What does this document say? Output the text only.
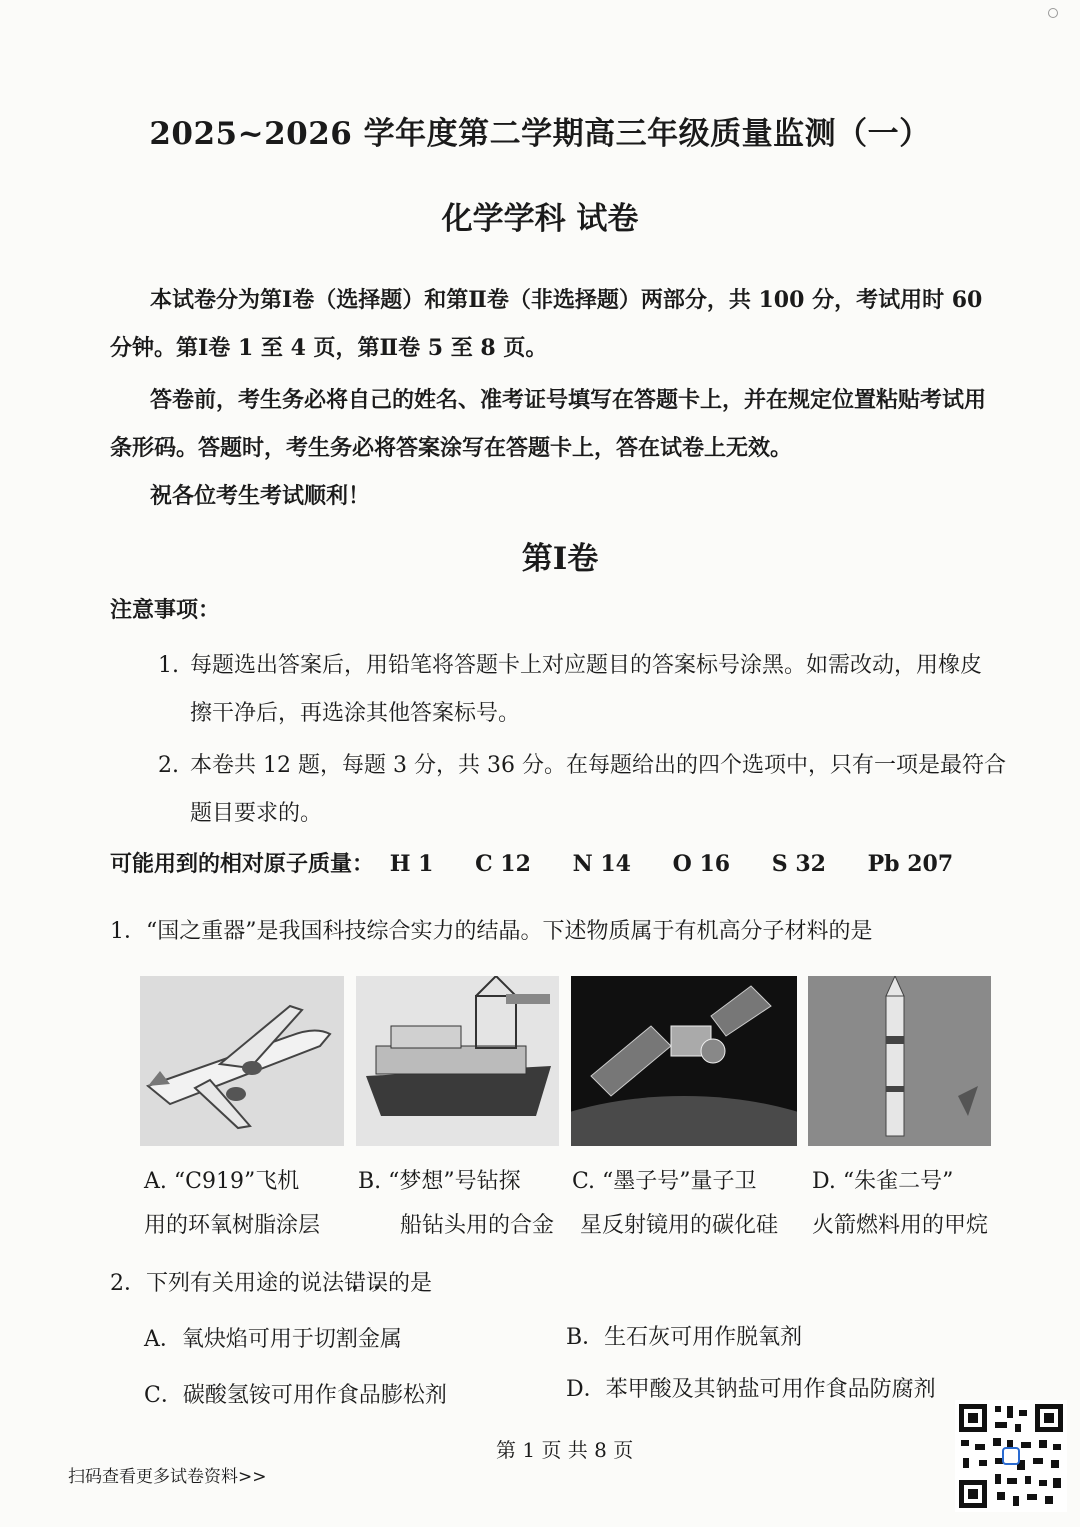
2025~2026 学年度第二学期高三年级质量监测（一）
化学学科 试卷
本试卷分为第Ⅰ卷（选择题）和第Ⅱ卷（非选择题）两部分，共 100 分，考试用时 60
分钟。第Ⅰ卷 1 至 4 页，第Ⅱ卷 5 至 8 页。
答卷前，考生务必将自己的姓名、准考证号填写在答题卡上，并在规定位置粘贴考试用
条形码。答题时，考生务必将答案涂写在答题卡上，答在试卷上无效。
祝各位考生考试顺利！
第Ⅰ卷
注意事项：
1. 每题选出答案后，用铅笔将答题卡上对应题目的答案标号涂黑。如需改动，用橡皮
擦干净后，再选涂其他答案标号。
2. 本卷共 12 题，每题 3 分，共 36 分。在每题给出的四个选项中，只有一项是最符合
题目要求的。
可能用到的相对原子质量： H 1 C 12 N 14 O 16 S 32 Pb 207
1．“国之重器”是我国科技综合实力的结晶。下述物质属于有机高分子材料的是
A. “C919”飞机
用的环氧树脂涂层
B. “梦想”号钻探
船钻头用的合金
C. “墨子号”量子卫
星反射镜用的碳化硅
D. “朱雀二号”
火箭燃料用的甲烷
2．下列有关用途的说法错 ·误 ·的是
A．氧炔焰可用于切割金属	B．生石灰可用作脱氧剂
C．碳酸氢铵可用作食品膨松剂	D．苯甲酸及其钠盐可用作食品防腐剂
第 1 页 共 8 页
扫码查看更多试卷资料>>
